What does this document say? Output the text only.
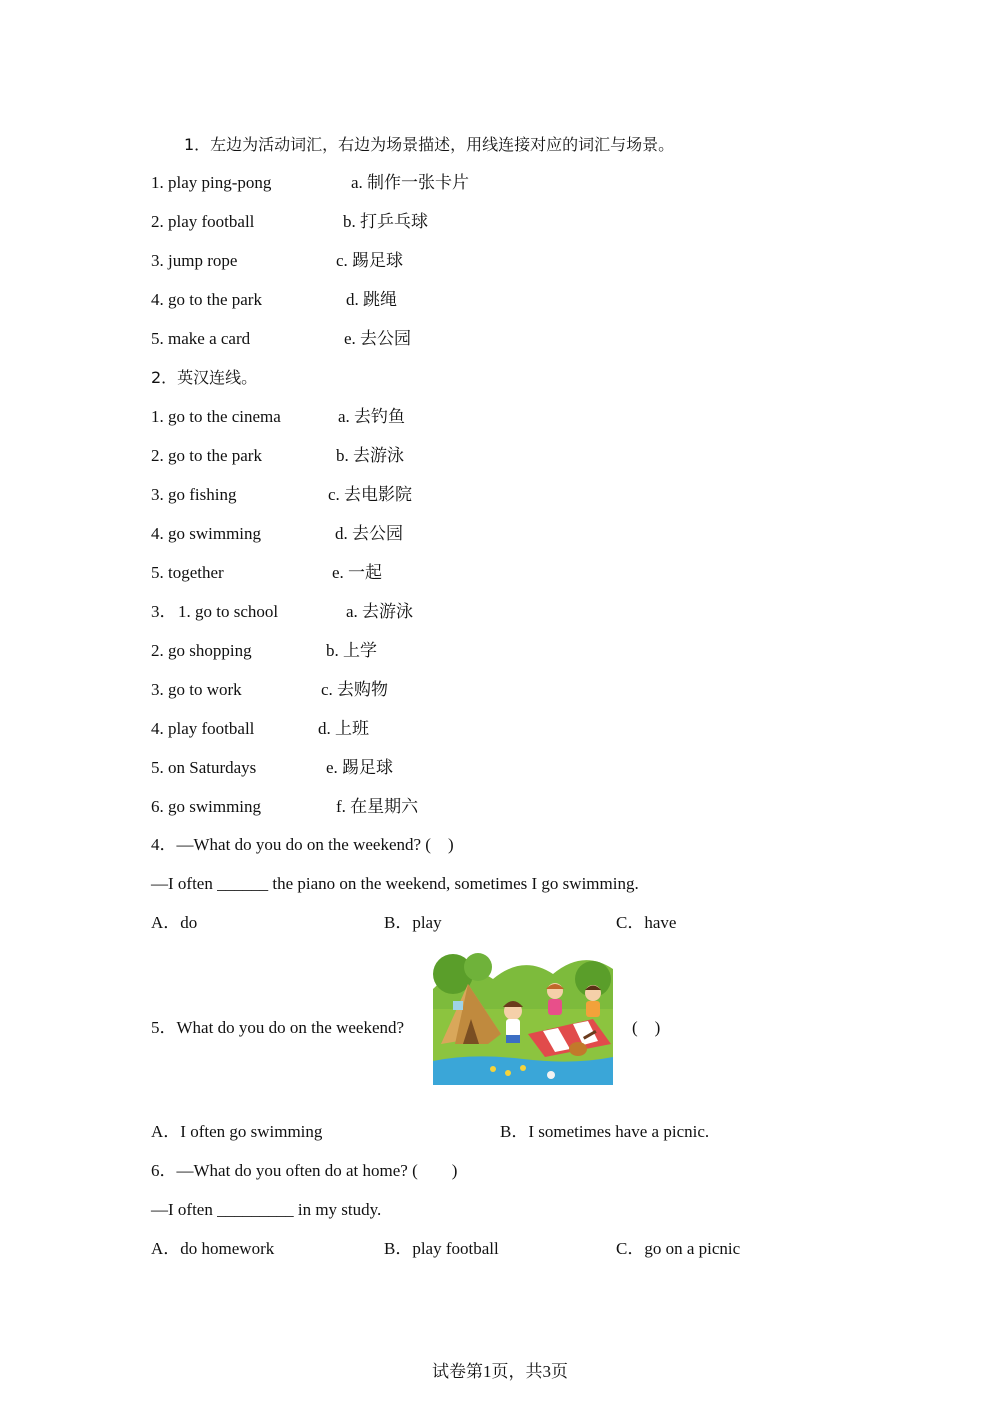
1．左边为活动词汇，右边为场景描述，用线连接对应的词汇与场景。
1. play ping-pong	a. 制作一张卡片
2. play football	b. 打乒乓球
3. jump rope	c. 踢足球
4. go to the park	d. 跳绳
5. make a card	e. 去公园
2．英汉连线。
1. go to the cinema	a. 去钓鱼
2. go to the park	b. 去游泳
3. go fishing	c. 去电影院
4. go swimming	d. 去公园
5. together	e. 一起
3． 1. go to school	a. 去游泳
2. go shopping	b. 上学
3. go to work	c. 去购物
4. play football	d. 上班
5. on Saturdays	e. 踢足球
6. go swimming	f. 在星期六
4．—What do you do on the weekend? (    )
—I often ______ the piano on the weekend, sometimes I go swimming.
A．do	B．play	C．have
5．What do you do on the weekend?	(    )
A．I often go swimming	B．I sometimes have a picnic.
6．—What do you often do at home? (        )
—I often _________ in my study.
A．do homework	B．play football	C．go on a picnic
试卷第1页，共3页
